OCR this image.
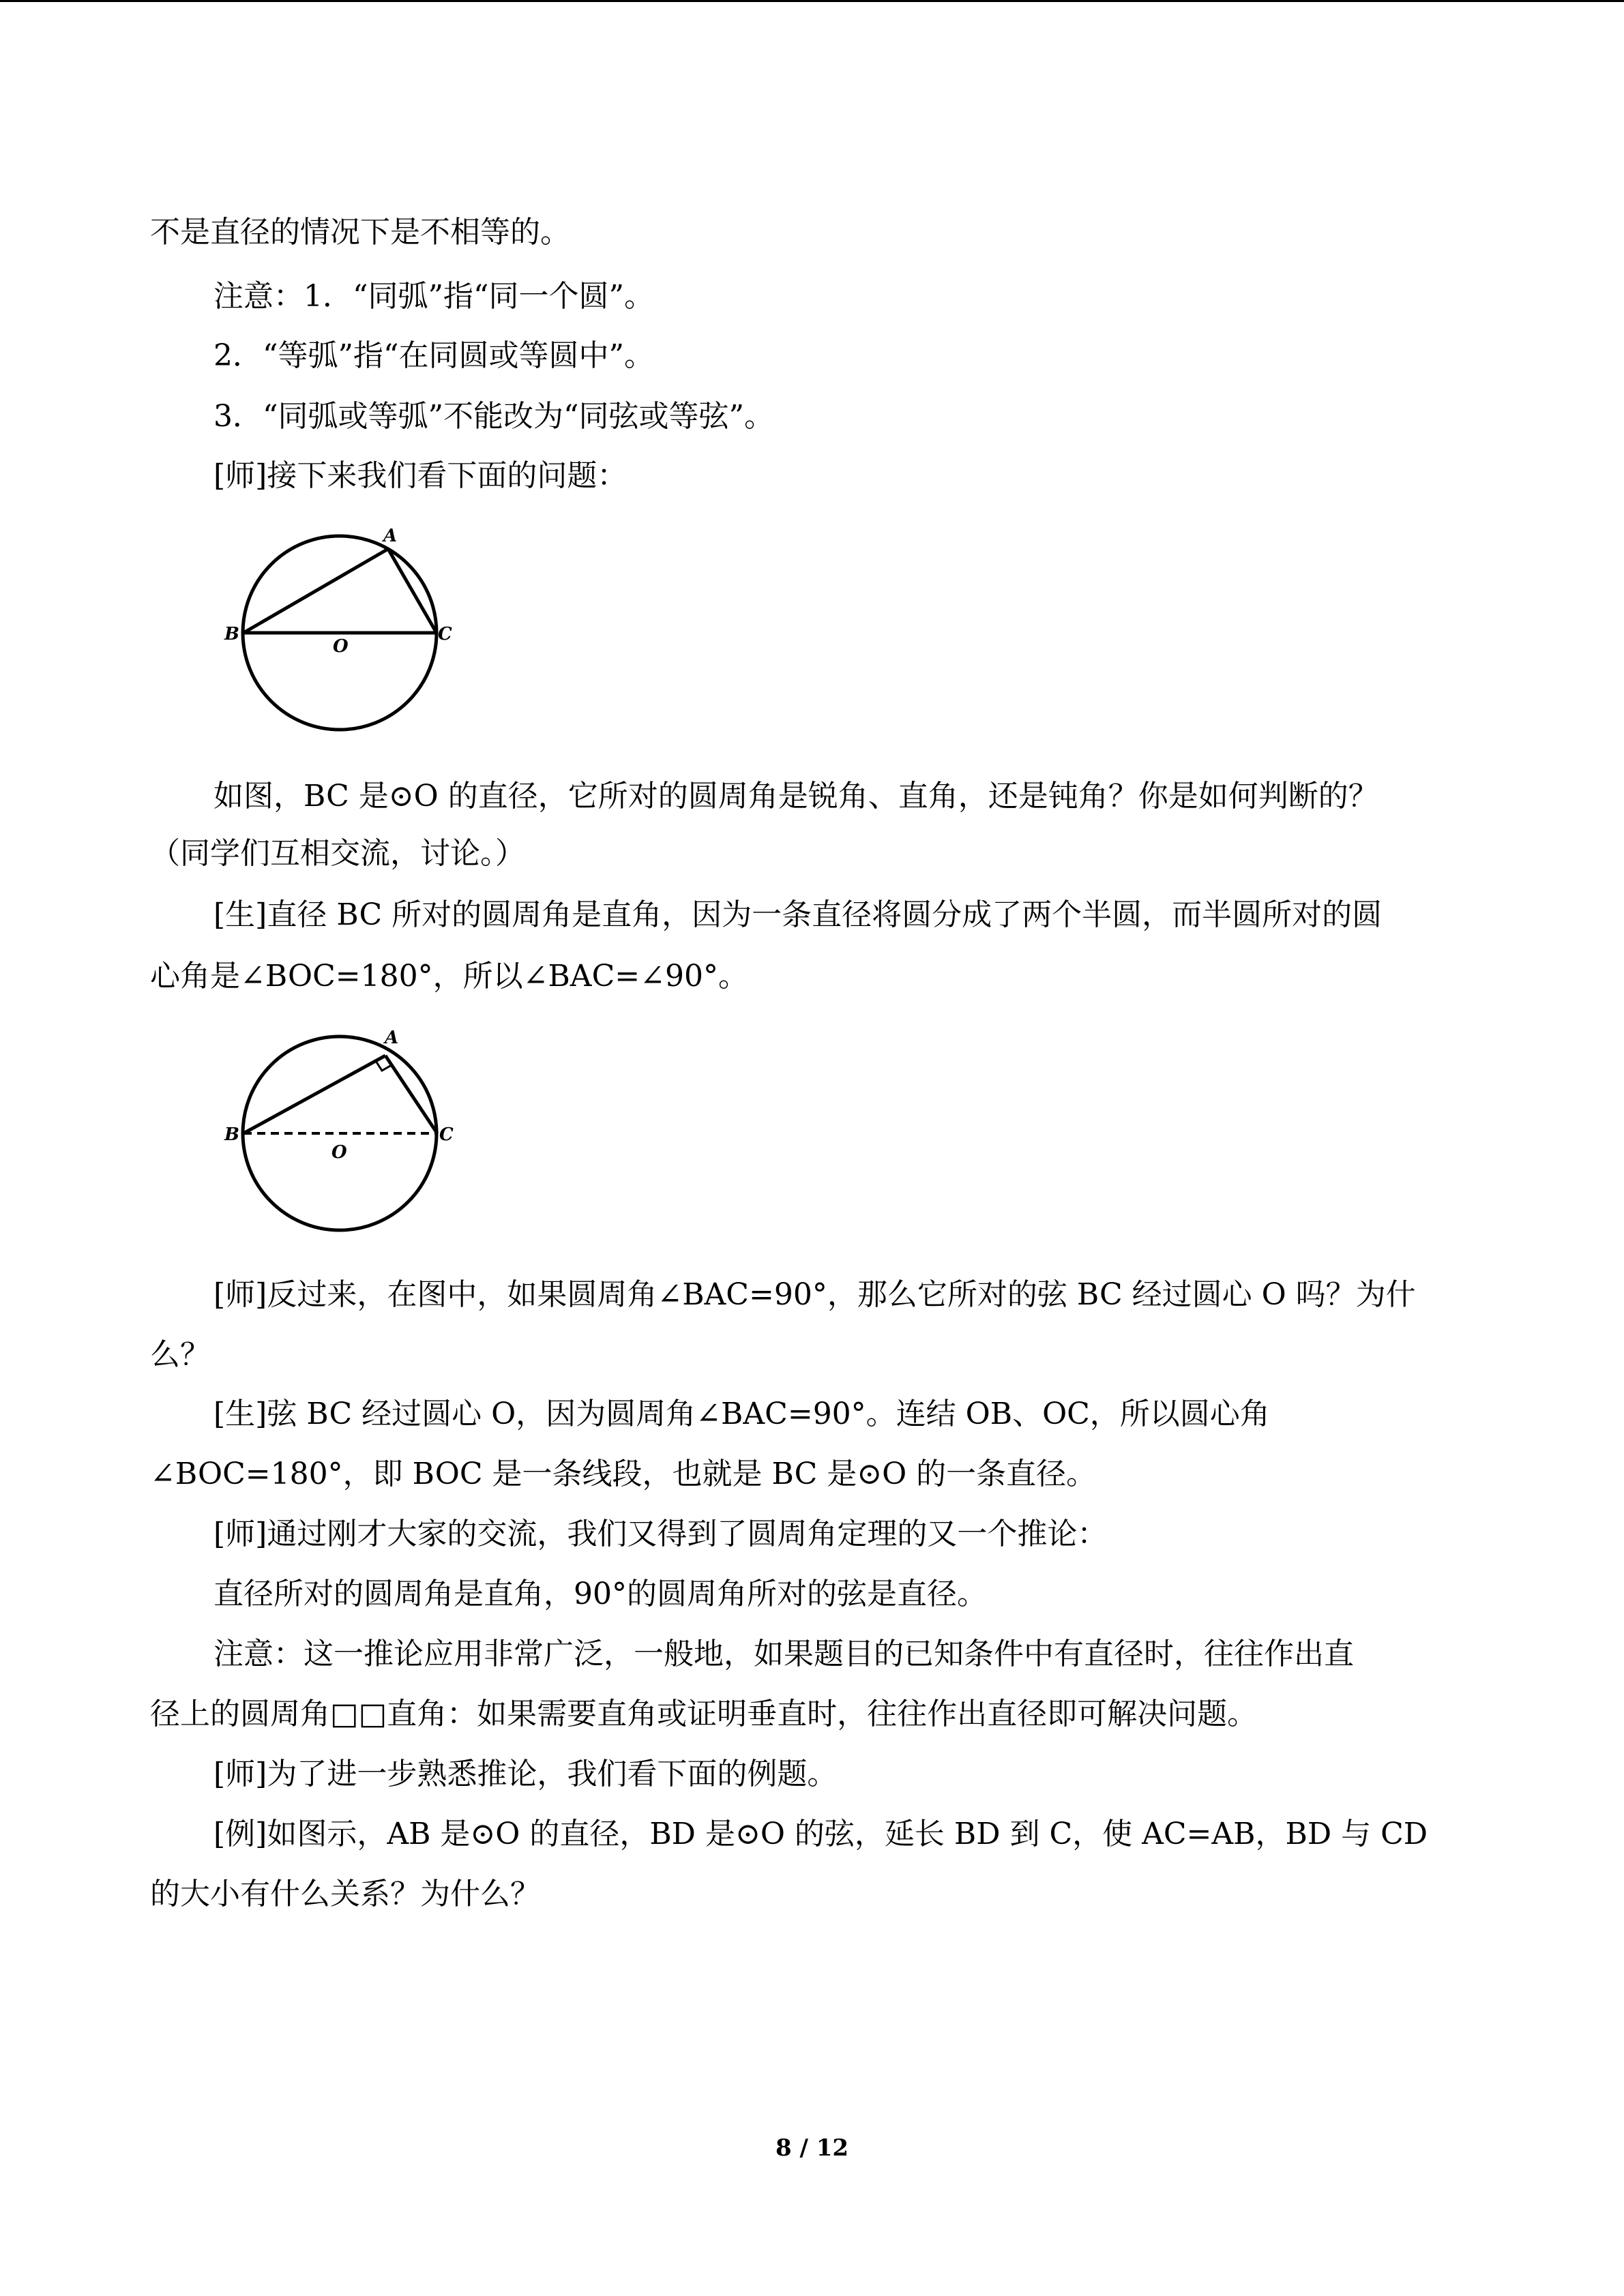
不是直径的情况下是不相等的。
注意：1．“同弧”指“同一个圆”。
2．“等弧”指“在同圆或等圆中”。
3．“同弧或等弧”不能改为“同弦或等弦”。
[师]接下来我们看下面的问题：
A
B	C
O
如图，BC 是⊙O 的直径，它所对的圆周角是锐角、直角，还是钝角？你是如何判断的？
（同学们互相交流，讨论。）
[生]直径 BC 所对的圆周角是直角，因为一条直径将圆分成了两个半圆，而半圆所对的圆
心角是∠BOC=180°，所以∠BAC=∠90°。
A
B	C
O
[师]反过来，在图中，如果圆周角∠BAC=90°，那么它所对的弦 BC 经过圆心 O 吗？为什
么？
[生]弦 BC 经过圆心 O，因为圆周角∠BAC=90°。连结 OB、OC，所以圆心角
∠BOC=180°，即 BOC 是一条线段，也就是 BC 是⊙O 的一条直径。
[师]通过刚才大家的交流，我们又得到了圆周角定理的又一个推论：
直径所对的圆周角是直角，90°的圆周角所对的弦是直径。
注意：这一推论应用非常广泛，一般地，如果题目的已知条件中有直径时，往往作出直
径上的圆周角□□直角：如果需要直角或证明垂直时，往往作出直径即可解决问题。
[师]为了进一步熟悉推论，我们看下面的例题。
[例]如图示，AB 是⊙O 的直径，BD 是⊙O 的弦，延长 BD 到 C，使 AC=AB，BD 与 CD
的大小有什么关系？为什么？
8 / 12
